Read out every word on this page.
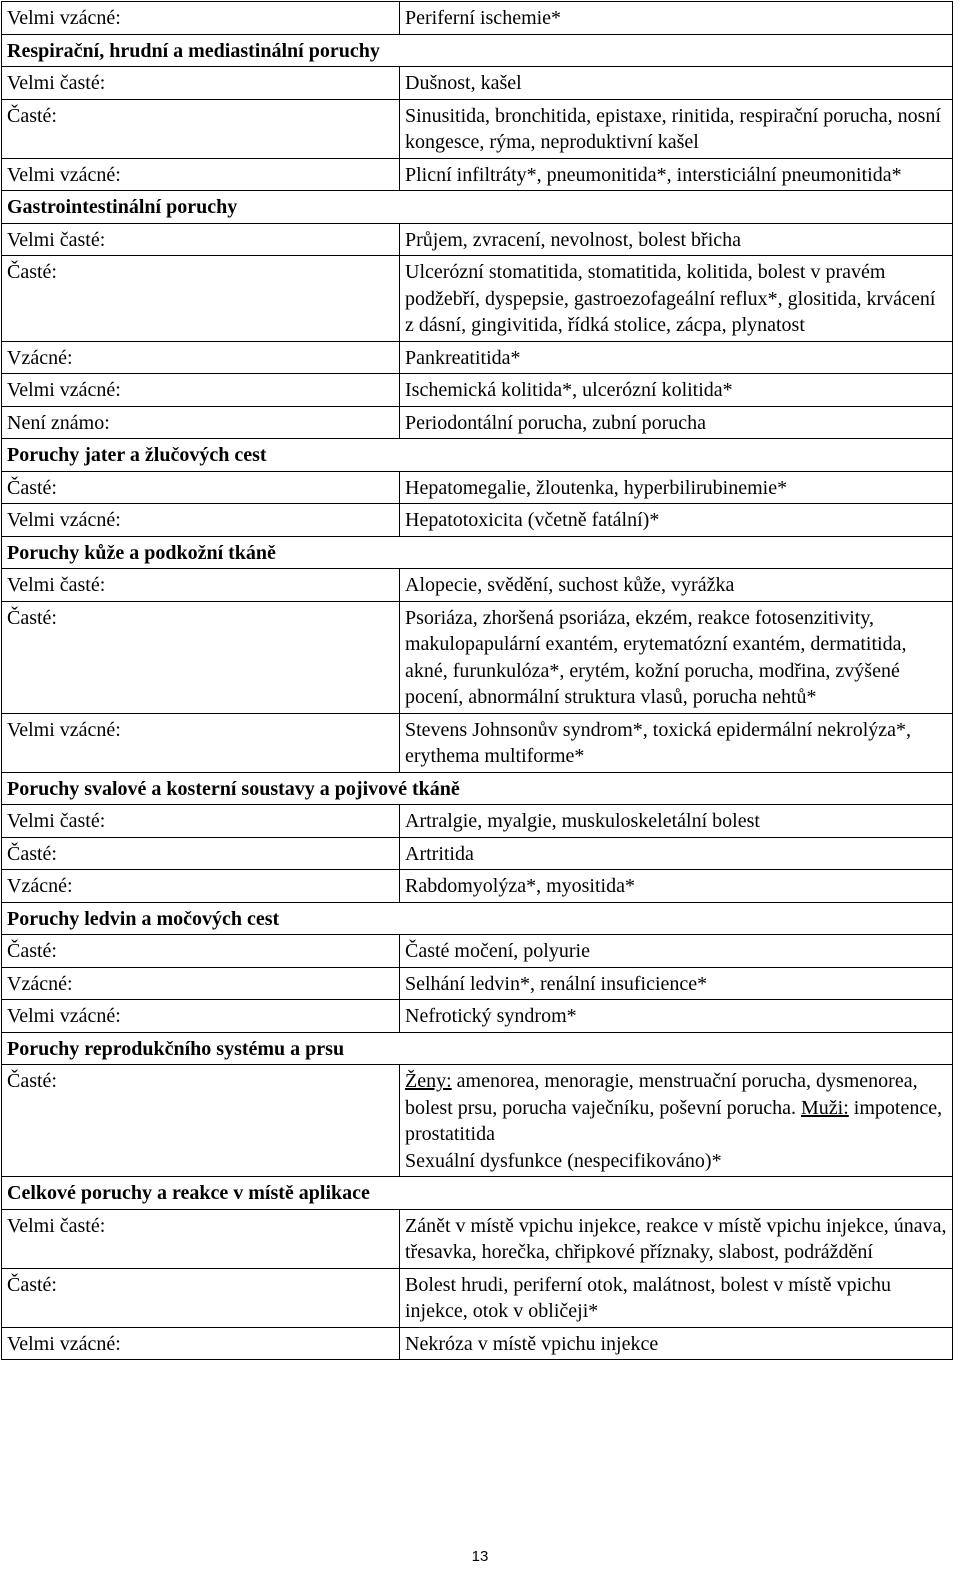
Velmi vzácné:	Periferní ischemie*
Respirační, hrudní a mediastinální poruchy	
Velmi časté:	Dušnost, kašel
Časté:	Sinusitida, bronchitida, epistaxe, rinitida, respirační porucha, nosní kongesce, rýma, neproduktivní kašel
Velmi vzácné:	Plicní infiltráty*, pneumonitida*, intersticiální pneumonitida*
Gastrointestinální poruchy	
Velmi časté:	Průjem, zvracení, nevolnost, bolest břicha
Časté:	Ulcerózní stomatitida, stomatitida, kolitida, bolest v pravém podžebří, dyspepsie, gastroezofageální reflux*, glositida, krvácení z dásní, gingivitida, řídká stolice, zácpa, plynatost
Vzácné:	Pankreatitida*
Velmi vzácné:	Ischemická kolitida*, ulcerózní kolitida*
Není známo:	Periodontální porucha, zubní porucha
Poruchy jater a žlučových cest	
Časté:	Hepatomegalie, žloutenka, hyperbilirubinemie*
Velmi vzácné:	Hepatotoxicita (včetně fatální)*
Poruchy kůže a podkožní tkáně	
Velmi časté:	Alopecie, svědění, suchost kůže, vyrážka
Časté:	Psoriáza, zhoršená psoriáza, ekzém, reakce fotosenzitivity, makulopapulární exantém, erytematózní exantém, dermatitida, akné, furunkulóza*, erytém, kožní porucha, modřina, zvýšené pocení, abnormální struktura vlasů, porucha nehtů*
Velmi vzácné:	Stevens Johnsonův syndrom*, toxická epidermální nekrolýza*, erythema multiforme*
Poruchy svalové a kosterní soustavy a pojivové tkáně	
Velmi časté:	Artralgie, myalgie, muskuloskeletální bolest
Časté:	Artritida
Vzácné:	Rabdomyolýza*, myositida*
Poruchy ledvin a močových cest	
Časté:	Časté močení, polyurie
Vzácné:	Selhání ledvin*, renální insuficience*
Velmi vzácné:	Nefrotický syndrom*
Poruchy reprodukčního systému a prsu	
Časté:	Ženy: amenorea, menoragie, menstruační porucha, dysmenorea, bolest prsu, porucha vaječníku, poševní porucha. Muži: impotence, prostatitida
Sexuální dysfunkce (nespecifikováno)*
Celkové poruchy a reakce v místě aplikace	
Velmi časté:	Zánět v místě vpichu injekce, reakce v místě vpichu injekce, únava, třesavka, horečka, chřipkové příznaky, slabost, podráždění
Časté:	Bolest hrudi, periferní otok, malátnost, bolest v místě vpichu injekce, otok v obličeji*
Velmi vzácné:	Nekróza v místě vpichu injekce
13
